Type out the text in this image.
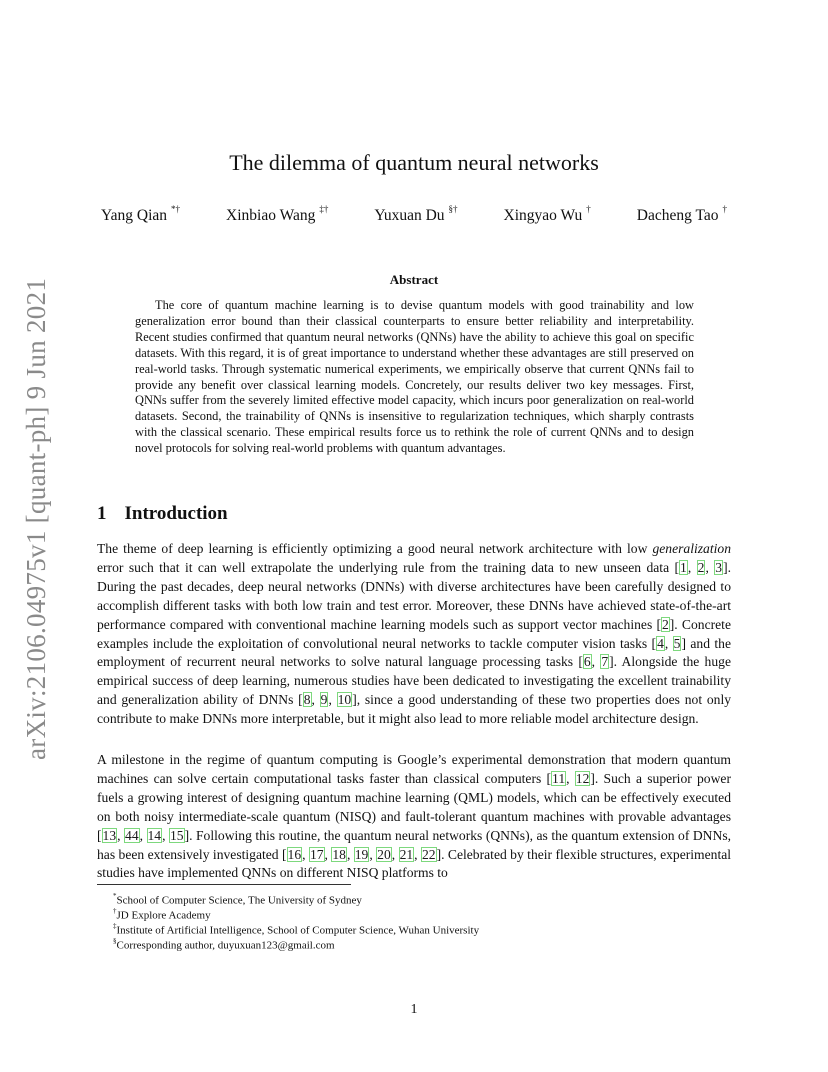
arXiv:2106.04975v1 [quant-ph] 9 Jun 2021
The dilemma of quantum neural networks
Yang Qian *†	Xinbiao Wang ‡†	Yuxuan Du §†	Xingyao Wu †	Dacheng Tao †
Abstract
The core of quantum machine learning is to devise quantum models with good trainability and low generalization error bound than their classical counterparts to ensure better reliability and interpretability. Recent studies confirmed that quantum neural networks (QNNs) have the ability to achieve this goal on specific datasets. With this regard, it is of great importance to understand whether these advantages are still preserved on real-world tasks. Through systematic numerical experiments, we empirically observe that current QNNs fail to provide any benefit over classical learning models. Concretely, our results deliver two key messages. First, QNNs suffer from the severely limited effective model capacity, which incurs poor generalization on real-world datasets. Second, the trainability of QNNs is insensitive to regularization techniques, which sharply contrasts with the classical scenario. These empirical results force us to rethink the role of current QNNs and to design novel protocols for solving real-world problems with quantum advantages.
1 Introduction
The theme of deep learning is efficiently optimizing a good neural network architecture with low generalization error such that it can well extrapolate the underlying rule from the training data to new unseen data [1, 2, 3]. During the past decades, deep neural networks (DNNs) with diverse architectures have been carefully designed to accomplish different tasks with both low train and test error. Moreover, these DNNs have achieved state-of-the-art performance compared with conventional machine learning models such as support vector machines [2]. Concrete examples include the exploitation of convolutional neural networks to tackle computer vision tasks [4, 5] and the employment of recurrent neural networks to solve natural language processing tasks [6, 7]. Alongside the huge empirical success of deep learning, numerous studies have been dedicated to investigating the excellent trainability and generalization ability of DNNs [8, 9, 10], since a good understanding of these two properties does not only contribute to make DNNs more interpretable, but it might also lead to more reliable model architecture design.
A milestone in the regime of quantum computing is Google’s experimental demonstration that modern quantum machines can solve certain computational tasks faster than classical computers [11, 12]. Such a superior power fuels a growing interest of designing quantum machine learning (QML) models, which can be effectively executed on both noisy intermediate-scale quantum (NISQ) and fault-tolerant quantum machines with provable advantages [13, 44, 14, 15]. Following this routine, the quantum neural networks (QNNs), as the quantum extension of DNNs, has been extensively investigated [16, 17, 18, 19, 20, 21, 22]. Celebrated by their flexible structures, experimental studies have implemented QNNs on different NISQ platforms to
*School of Computer Science, The University of Sydney
†JD Explore Academy
‡Institute of Artificial Intelligence, School of Computer Science, Wuhan University
§Corresponding author, duyuxuan123@gmail.com
1
